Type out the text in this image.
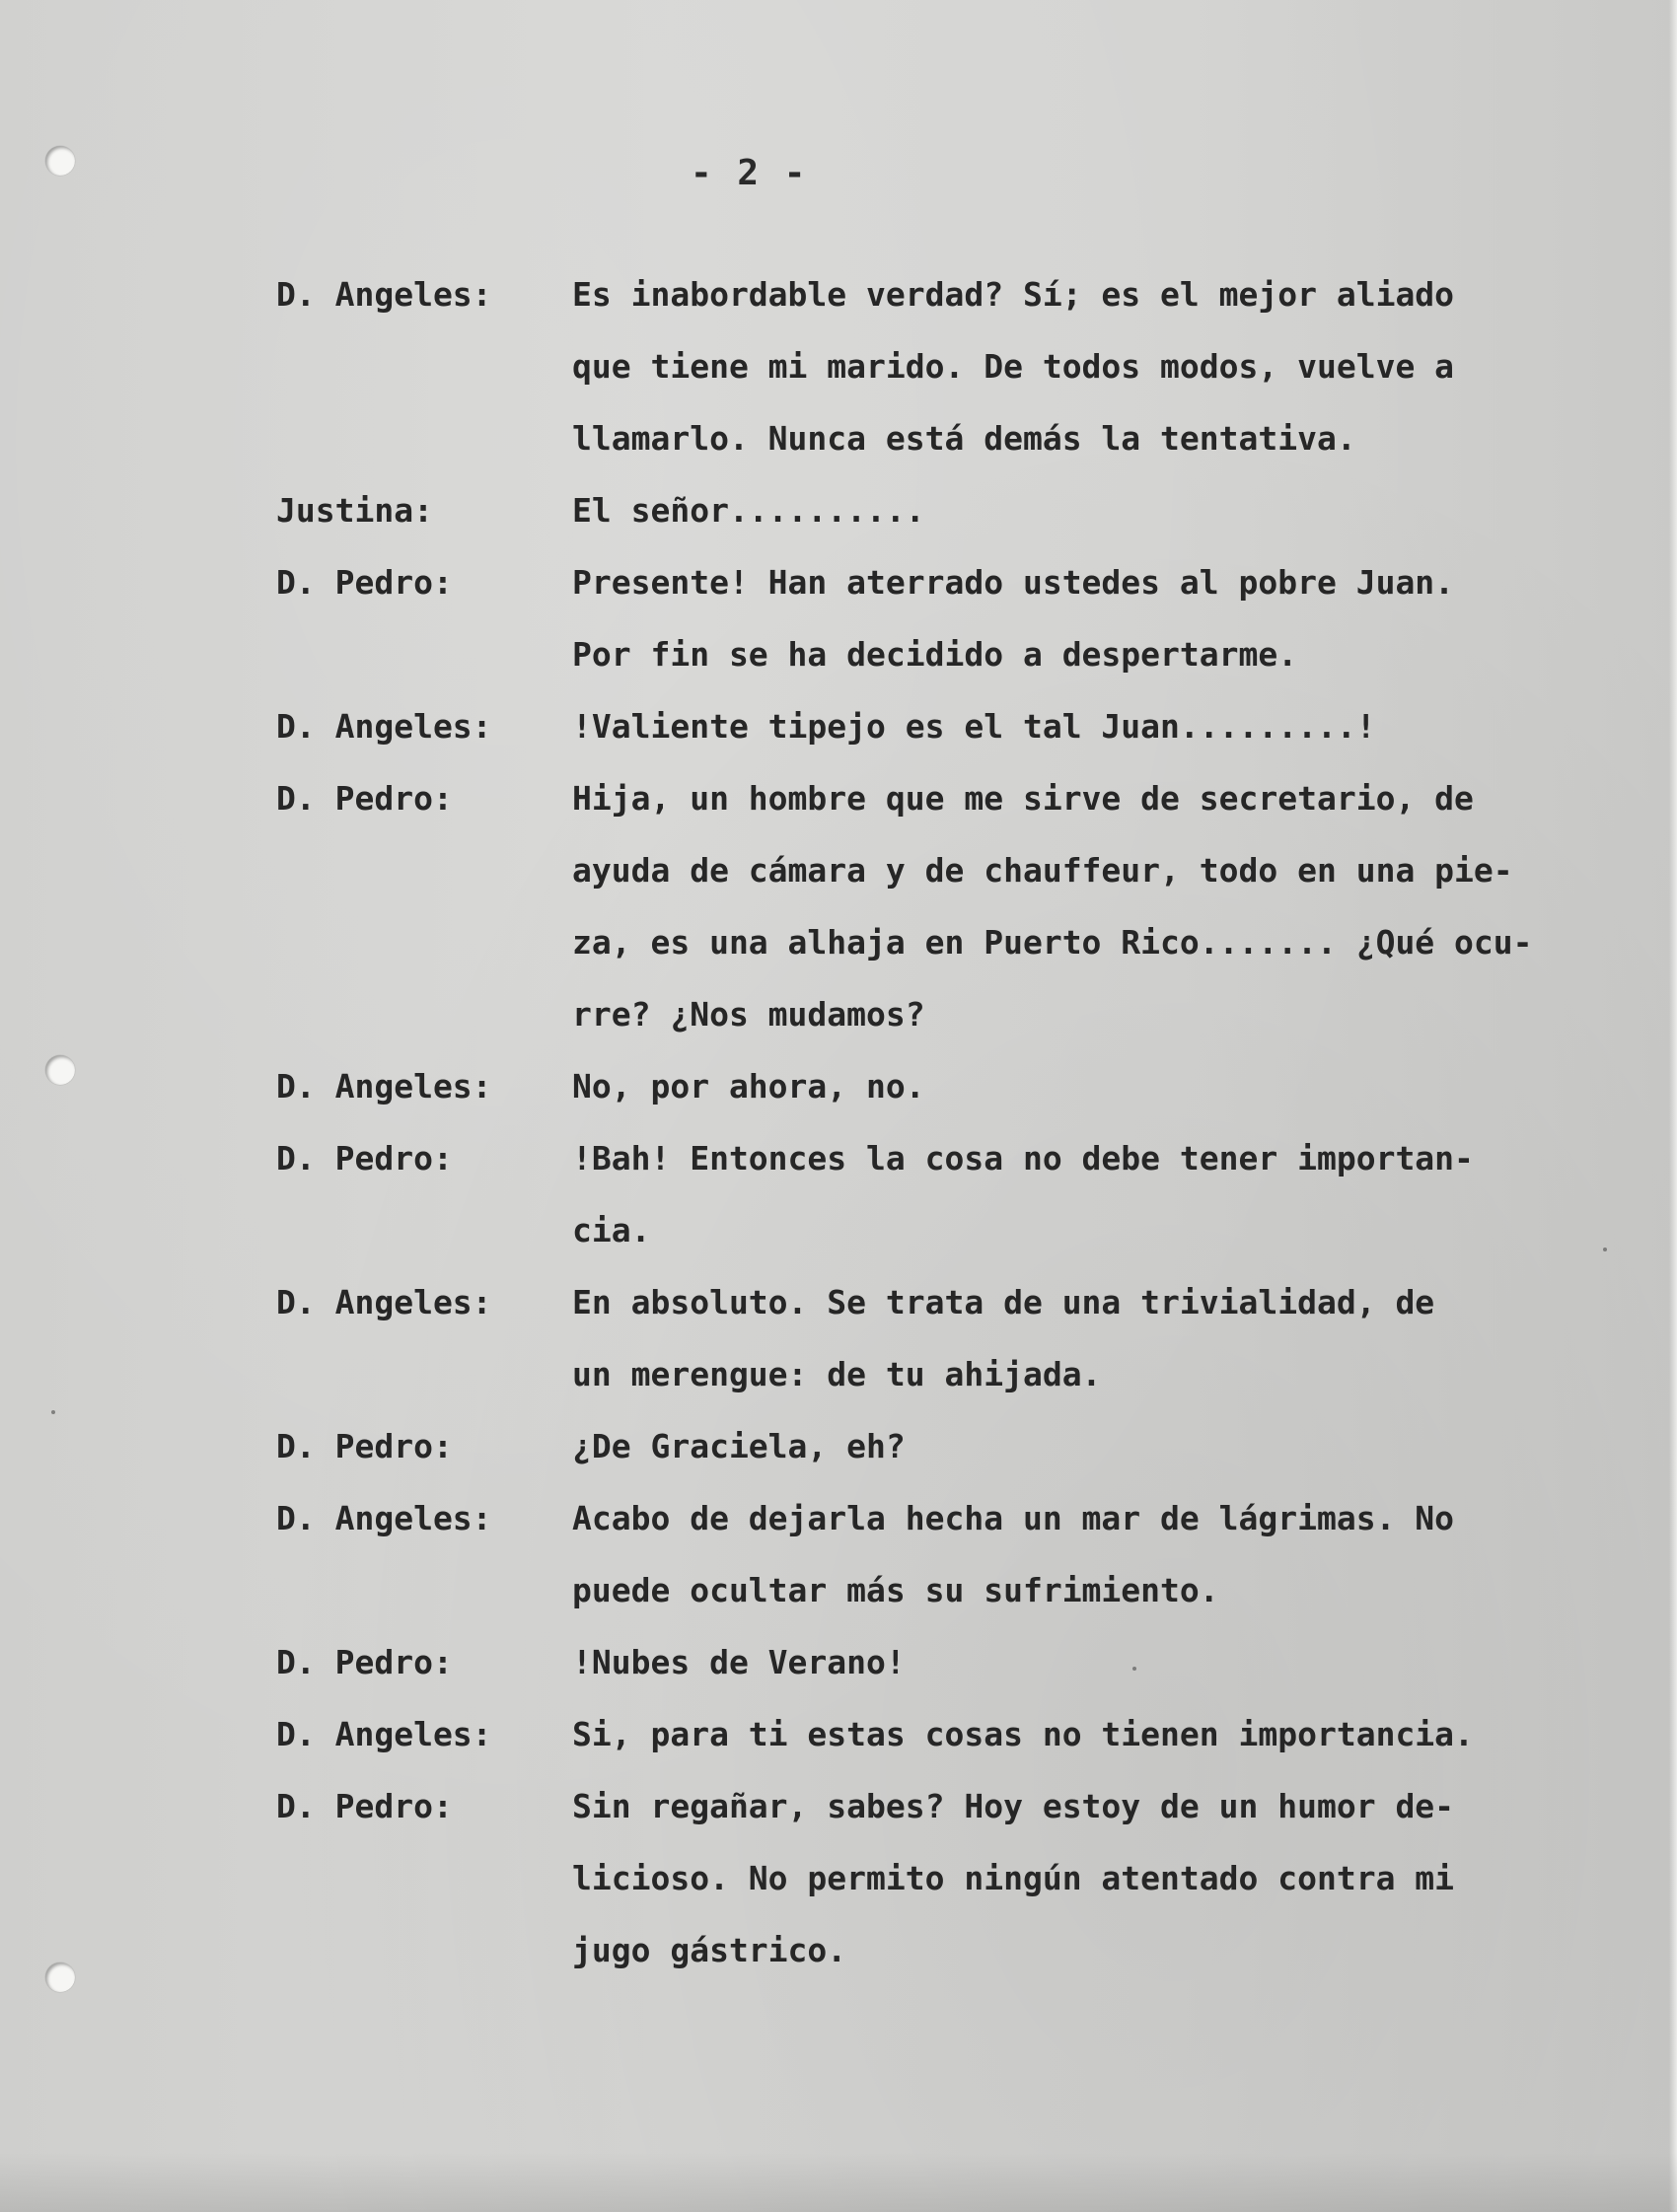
- 2 -
D. Angeles:	Es inabordable verdad? Sí; es el mejor aliado
que tiene mi marido. De todos modos, vuelve a
llamarlo. Nunca está demás la tentativa.
Justina:	El señor..........
D. Pedro:	Presente! Han aterrado ustedes al pobre Juan.
Por fin se ha decidido a despertarme.
D. Angeles:	!Valiente tipejo es el tal Juan.........!
D. Pedro:	Hija, un hombre que me sirve de secretario, de
ayuda de cámara y de chauffeur, todo en una pie-
za, es una alhaja en Puerto Rico....... ¿Qué ocu-
rre? ¿Nos mudamos?
D. Angeles:	No, por ahora, no.
D. Pedro:	!Bah! Entonces la cosa no debe tener importan-
cia.
D. Angeles:	En absoluto. Se trata de una trivialidad, de
un merengue: de tu ahijada.
D. Pedro:	¿De Graciela, eh?
D. Angeles:	Acabo de dejarla hecha un mar de lágrimas. No
puede ocultar más su sufrimiento.
D. Pedro:	!Nubes de Verano!
D. Angeles:	Si, para ti estas cosas no tienen importancia.
D. Pedro:	Sin regañar, sabes? Hoy estoy de un humor de-
licioso. No permito ningún atentado contra mi
jugo gástrico.
